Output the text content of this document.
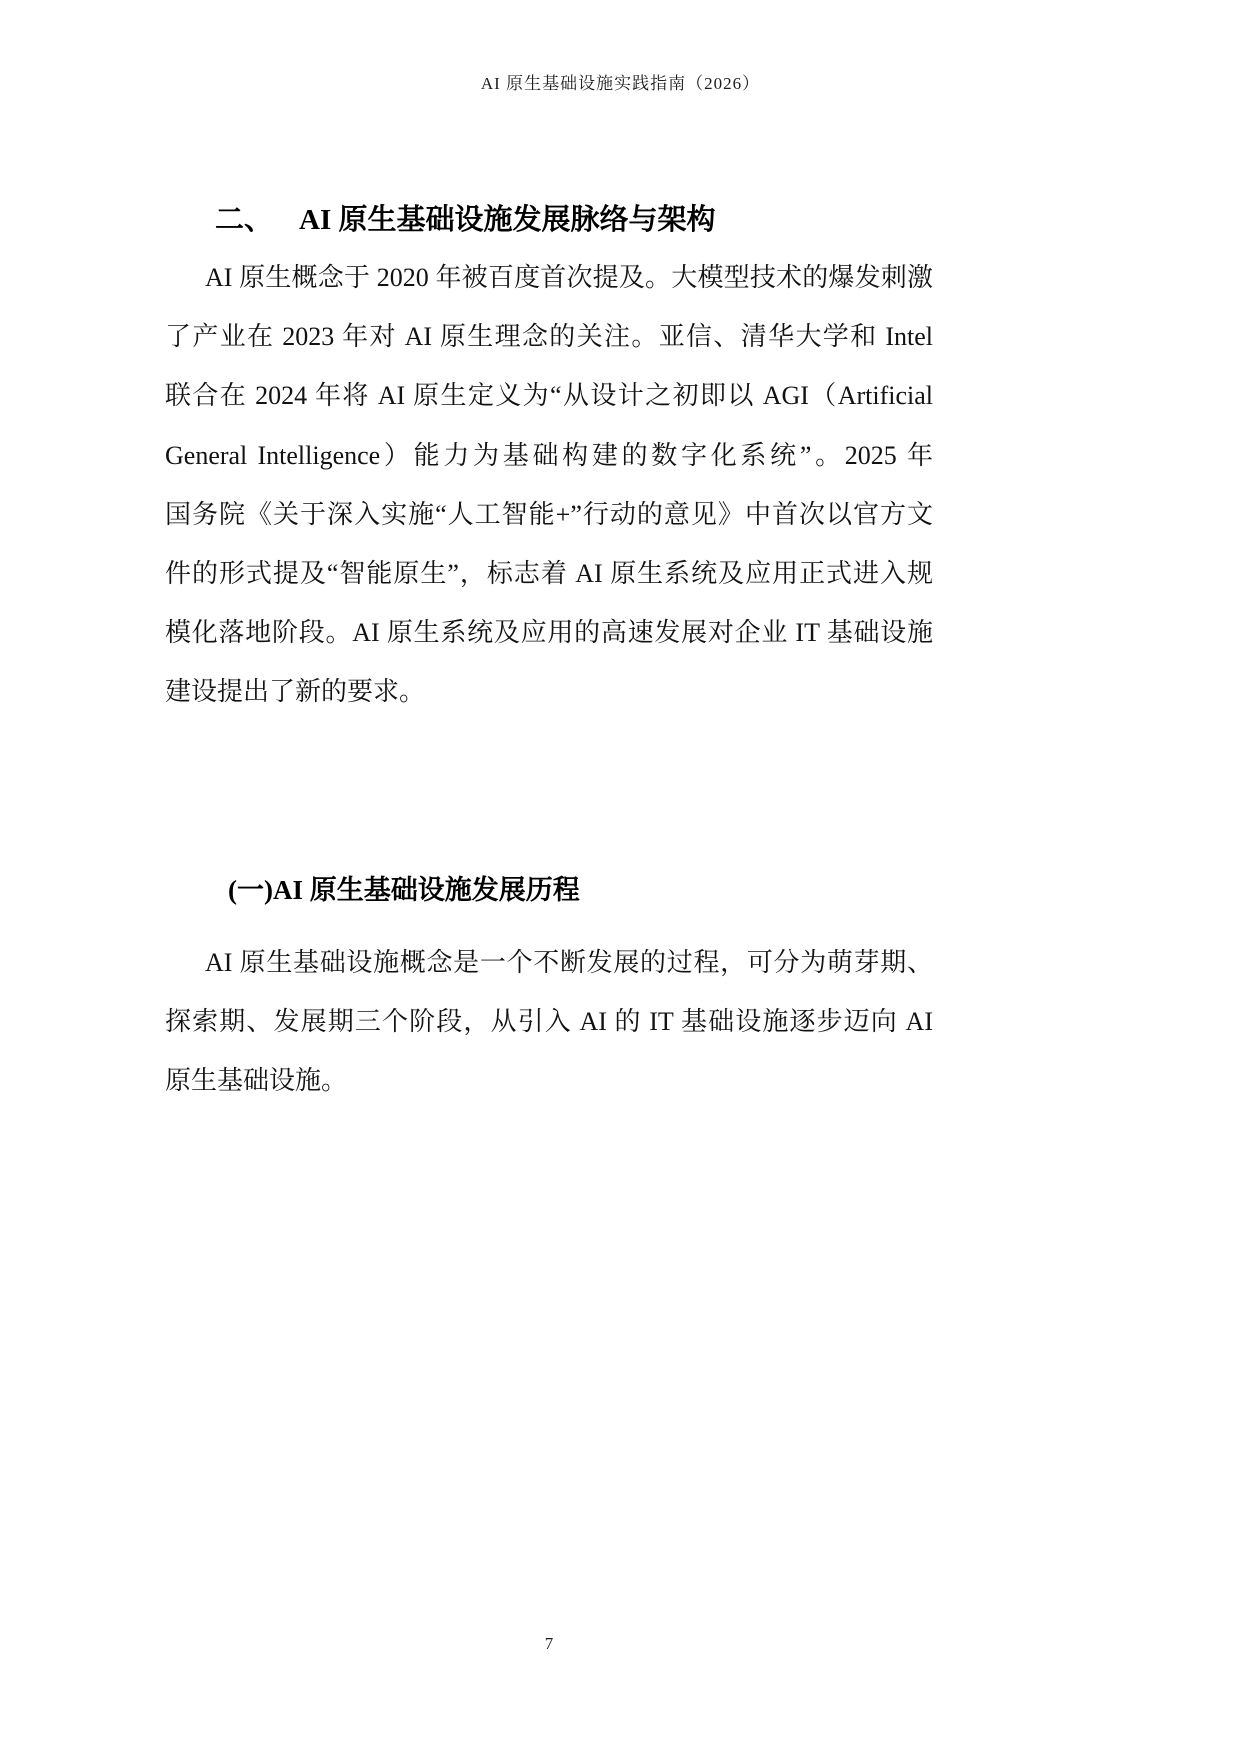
AI 原生基础设施实践指南（2026）
二、 AI 原生基础设施发展脉络与架构
AI 原生概念于 2020 年被百度首次提及。大模型技术的爆发刺激
了产业在 2023 年对 AI 原生理念的关注。亚信、清华大学和 Intel
联合在 2024 年将 AI 原生定义为“从设计之初即以 AGI（Artificial
General Intelligence）能力为基础构建的数字化系统”。2025 年
国务院《关于深入实施“人工智能+”行动的意见》中首次以官方文
件的形式提及“智能原生”，标志着 AI 原生系统及应用正式进入规
模化落地阶段。AI 原生系统及应用的高速发展对企业 IT 基础设施
建设提出了新的要求。
(一)AI 原生基础设施发展历程
AI 原生基础设施概念是一个不断发展的过程，可分为萌芽期、
探索期、发展期三个阶段，从引入 AI 的 IT 基础设施逐步迈向 AI
原生基础设施。
7
